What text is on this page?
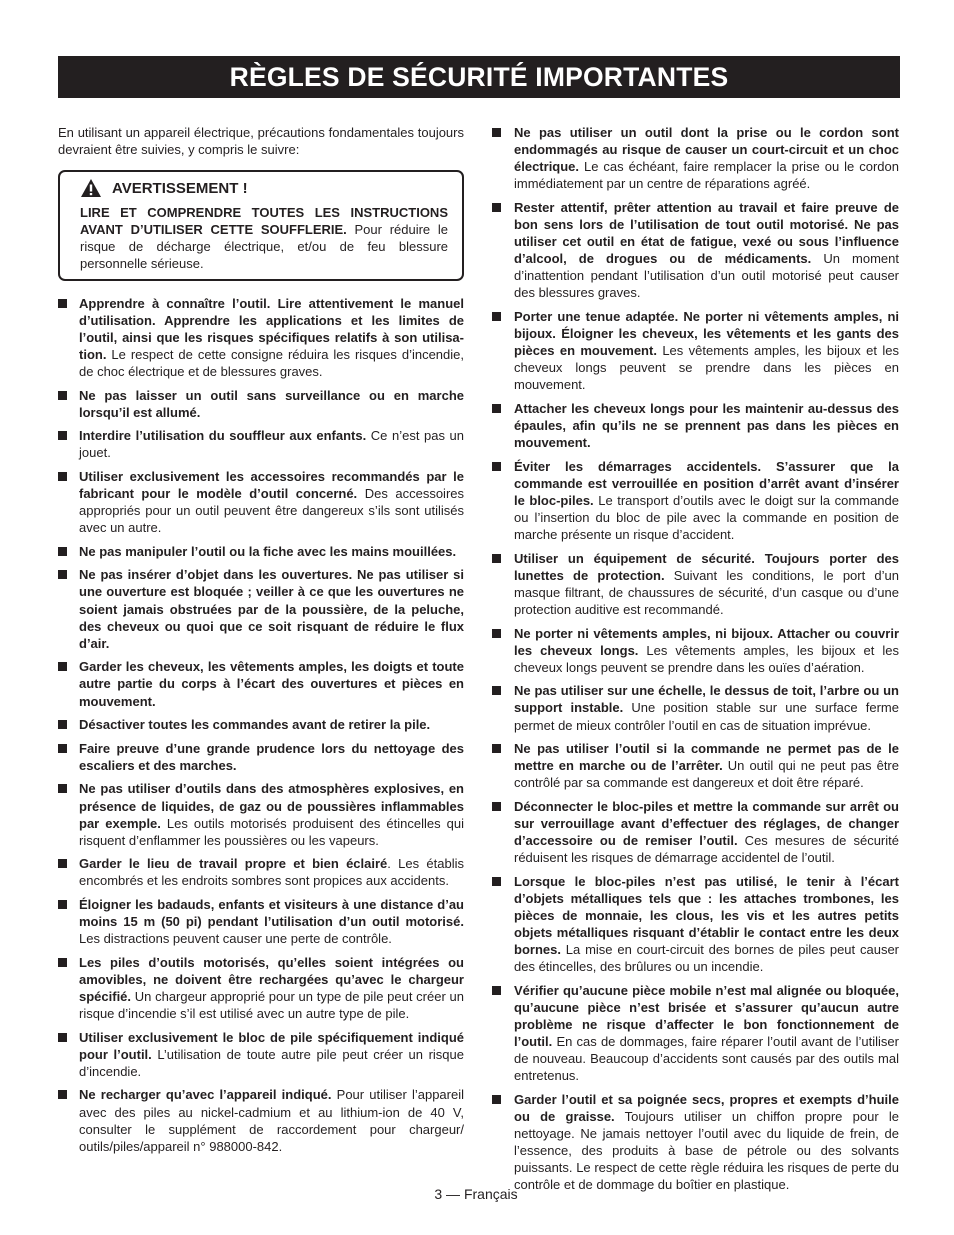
RÈGLES DE SÉCURITÉ IMPORTANTES

En utilisant un appareil électrique, précautions fondamentales toujours devraient être suivies, y compris le suivre:

AVERTISSEMENT !

LIRE ET COMPRENDRE TOUTES LES INSTRUCTIONS AVANT D’UTILISER CETTE SOUFFLERIE. Pour réduire le risque de décharge électrique, et/ou de feu blessure personnelle sérieuse.

Apprendre à connaître l’outil. Lire attentivement le manuel d’utilisation. Apprendre les applications et les limites de l’outil, ainsi que les risques spécifiques relatifs à son utilisation. Le respect de cette consigne réduira les risques d’incendie, de choc électrique et de blessures graves.
Ne pas laisser un outil sans surveillance ou en marche lorsqu’il est allumé.
Interdire l’utilisation du souffleur aux enfants. Ce n’est pas un jouet.
Utiliser exclusivement les accessoires recommandés par le fabricant pour le modèle d’outil concerné. Des accessoires appropriés pour un outil peuvent être dangereux s’ils sont utilisés avec un autre.
Ne pas manipuler l’outil ou la fiche avec les mains mouillées.
Ne pas insérer d’objet dans les ouvertures. Ne pas utiliser si une ouverture est bloquée ; veiller à ce que les ouvertures ne soient jamais obstruées par de la poussière, de la peluche, des cheveux ou quoi que ce soit risquant de réduire le flux d’air.
Garder les cheveux, les vêtements amples, les doigts et toute autre partie du corps à l’écart des ouvertures et pièces en mouvement.
Désactiver toutes les commandes avant de retirer la pile.
Faire preuve d’une grande prudence lors du nettoyage des escaliers et des marches.
Ne pas utiliser d’outils dans des atmosphères explosives, en présence de liquides, de gaz ou de poussières inflammables par exemple. Les outils motorisés produisent des étincelles qui risquent d’enflammer les poussières ou les vapeurs.
Garder le lieu de travail propre et bien éclairé. Les établis encombrés et les endroits sombres sont propices aux accidents.
Éloigner les badauds, enfants et visiteurs à une distance d’au moins 15 m (50 pi) pendant l’utilisation d’un outil motorisé. Les distractions peuvent causer une perte de contrôle.
Les piles d’outils motorisés, qu’elles soient intégrées ou amovibles, ne doivent être rechargées qu’avec le chargeur spécifié. Un chargeur approprié pour un type de pile peut créer un risque d’incendie s’il est utilisé avec un autre type de pile.
Utiliser exclusivement le bloc de pile spécifiquement indiqué pour l’outil. L’utilisation de toute autre pile peut créer un risque d’incendie.
Ne recharger qu’avec l’appareil indiqué. Pour utiliser l’appareil avec des piles au nickel-cadmium et au lithium-ion de 40 V, consulter le supplément de raccordement pour chargeur/ outils/piles/appareil n° 988000-842.
Ne pas utiliser un outil dont la prise ou le cordon sont endommagés au risque de causer un court-circuit et un choc électrique. Le cas échéant, faire remplacer la prise ou le cordon immédiatement par un centre de réparations agréé.
Rester attentif, prêter attention au travail et faire preuve de bon sens lors de l’utilisation de tout outil motorisé. Ne pas utiliser cet outil en état de fatigue, vexé ou sous l’influence d’alcool, de drogues ou de médicaments. Un moment d’inattention pendant l’utilisation d’un outil motorisé peut causer des blessures graves.
Porter une tenue adaptée. Ne porter ni vêtements amples, ni bijoux. Éloigner les cheveux, les vêtements et les gants des pièces en mouvement. Les vêtements amples, les bijoux et les cheveux longs peuvent se prendre dans les pièces en mouvement.
Attacher les cheveux longs pour les maintenir au-dessus des épaules, afin qu’ils ne se prennent pas dans les pièces en mouvement.
Éviter les démarrages accidentels. S’assurer que la commande est verrouillée en position d’arrêt avant d’insérer le bloc-piles. Le transport d’outils avec le doigt sur la commande ou l’insertion du bloc de pile avec la commande en position de marche présente un risque d’accident.
Utiliser un équipement de sécurité. Toujours porter des lunettes de protection. Suivant les conditions, le port d’un masque filtrant, de chaussures de sécurité, d’un casque ou d’une protection auditive est recommandé.
Ne porter ni vêtements amples, ni bijoux. Attacher ou couvrir les cheveux longs. Les vêtements amples, les bijoux et les cheveux longs peuvent se prendre dans les ouïes d’aération.
Ne pas utiliser sur une échelle, le dessus de toit, l’arbre ou un support instable. Une position stable sur une surface ferme permet de mieux contrôler l’outil en cas de situation imprévue.
Ne pas utiliser l’outil si la commande ne permet pas de le mettre en marche ou de l’arrêter. Un outil qui ne peut pas être contrôlé par sa commande est dangereux et doit être réparé.
Déconnecter le bloc-piles et mettre la commande sur arrêt ou sur verrouillage avant d’effectuer des réglages, de changer d’accessoire ou de remiser l’outil. Ces mesures de sécurité réduisent les risques de démarrage accidentel de l’outil.
Lorsque le bloc-piles n’est pas utilisé, le tenir à l’écart d’objets métalliques tels que : les attaches trombones, les pièces de monnaie, les clous, les vis et les autres petits objets métalliques risquant d’établir le contact entre les deux bornes. La mise en court-circuit des bornes de piles peut causer des étincelles, des brûlures ou un incendie.
Vérifier qu’aucune pièce mobile n’est mal alignée ou bloquée, qu’aucune pièce n’est brisée et s’assurer qu’aucun autre problème ne risque d’affecter le bon fonctionnement de l’outil. En cas de dommages, faire réparer l’outil avant de l’utiliser de nouveau. Beaucoup d’accidents sont causés par des outils mal entretenus.
Garder l’outil et sa poignée secs, propres et exempts d’huile ou de graisse. Toujours utiliser un chiffon propre pour le nettoyage. Ne jamais nettoyer l’outil avec du liquide de frein, de l’essence, des produits à base de pétrole ou des solvants puissants. Le respect de cette règle réduira les risques de perte du contrôle et de dommage du boîtier en plastique.
3 — Français
